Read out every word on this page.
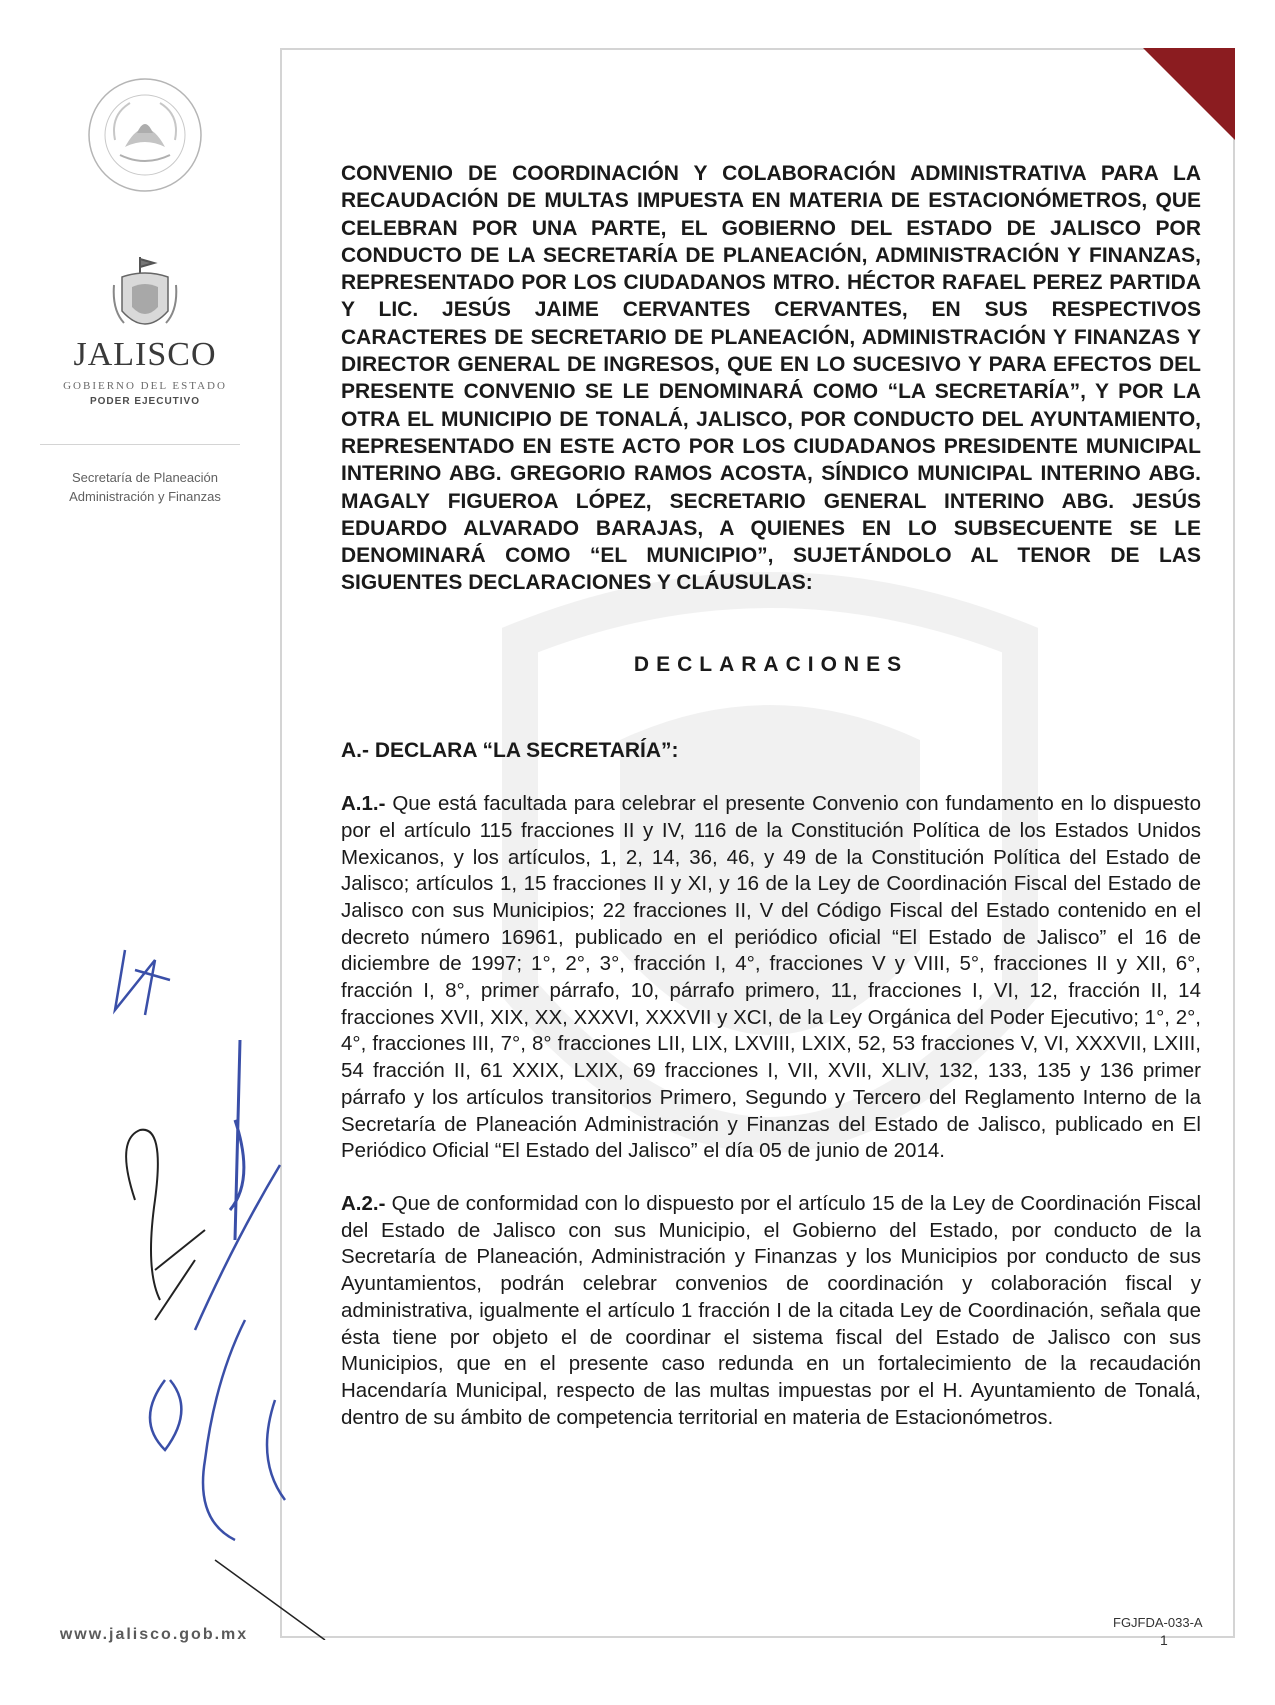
JALISCO
GOBIERNO DEL ESTADO
PODER EJECUTIVO
Secretaría de Planeación
Administración y Finanzas
www.jalisco.gob.mx

CONVENIO DE COORDINACIÓN Y COLABORACIÓN ADMINISTRATIVA PARA LA RECAUDACIÓN DE MULTAS IMPUESTA EN MATERIA DE ESTACIONÓMETROS, QUE CELEBRAN POR UNA PARTE, EL GOBIERNO DEL ESTADO DE JALISCO POR CONDUCTO DE LA SECRETARÍA DE PLANEACIÓN, ADMINISTRACIÓN Y FINANZAS, REPRESENTADO POR LOS CIUDADANOS MTRO. HÉCTOR RAFAEL PEREZ PARTIDA Y LIC. JESÚS JAIME CERVANTES CERVANTES, EN SUS RESPECTIVOS CARACTERES DE SECRETARIO DE PLANEACIÓN, ADMINISTRACIÓN Y FINANZAS Y DIRECTOR GENERAL DE INGRESOS, QUE EN LO SUCESIVO Y PARA EFECTOS DEL PRESENTE CONVENIO SE LE DENOMINARÁ COMO “LA SECRETARÍA”, Y POR LA OTRA EL MUNICIPIO DE TONALÁ, JALISCO, POR CONDUCTO DEL AYUNTAMIENTO, REPRESENTADO EN ESTE ACTO POR LOS CIUDADANOS PRESIDENTE MUNICIPAL INTERINO ABG. GREGORIO RAMOS ACOSTA, SÍNDICO MUNICIPAL INTERINO ABG. MAGALY FIGUEROA LÓPEZ, SECRETARIO GENERAL INTERINO ABG. JESÚS EDUARDO ALVARADO BARAJAS, A QUIENES EN LO SUBSECUENTE SE LE DENOMINARÁ COMO “EL MUNICIPIO”, SUJETÁNDOLO AL TENOR DE LAS SIGUENTES DECLARACIONES Y CLÁUSULAS:

DECLARACIONES
A.- DECLARA “LA SECRETARÍA”:

A.1.- Que está facultada para celebrar el presente Convenio con fundamento en lo dispuesto por el artículo 115 fracciones II y IV, 116 de la Constitución Política de los Estados Unidos Mexicanos, y los artículos, 1, 2, 14, 36, 46, y 49 de la Constitución Política del Estado de Jalisco; artículos 1, 15 fracciones II y XI, y 16 de la Ley de Coordinación Fiscal del Estado de Jalisco con sus Municipios; 22 fracciones II, V del Código Fiscal del Estado contenido en el decreto número 16961, publicado en el periódico oficial “El Estado de Jalisco” el 16 de diciembre de 1997; 1°, 2°, 3°, fracción I, 4°, fracciones V y VIII, 5°, fracciones II y XII, 6°, fracción I, 8°, primer párrafo, 10, párrafo primero, 11, fracciones I, VI, 12, fracción II, 14 fracciones XVII, XIX, XX, XXXVI, XXXVII y XCI, de la Ley Orgánica del Poder Ejecutivo; 1°, 2°, 4°, fracciones III, 7°, 8° fracciones LII, LIX, LXVIII, LXIX, 52, 53 fracciones V, VI, XXXVII, LXIII, 54 fracción II, 61 XXIX, LXIX, 69 fracciones I, VII, XVII, XLIV, 132, 133, 135 y 136 primer párrafo y los artículos transitorios Primero, Segundo y Tercero del Reglamento Interno de la Secretaría de Planeación Administración y Finanzas del Estado de Jalisco, publicado en El Periódico Oficial “El Estado del Jalisco” el día 05 de junio de 2014.

A.2.- Que de conformidad con lo dispuesto por el artículo 15 de la Ley de Coordinación Fiscal del Estado de Jalisco con sus Municipio, el Gobierno del Estado, por conducto de la Secretaría de Planeación, Administración y Finanzas y los Municipios por conducto de sus Ayuntamientos, podrán celebrar convenios de coordinación y colaboración fiscal y administrativa, igualmente el artículo 1 fracción I de la citada Ley de Coordinación, señala que ésta tiene por objeto el de coordinar el sistema fiscal del Estado de Jalisco con sus Municipios, que en el presente caso redunda en un fortalecimiento de la recaudación Hacendaría Municipal, respecto de las multas impuestas por el H. Ayuntamiento de Tonalá, dentro de su ámbito de competencia territorial en materia de Estacionómetros.

FGJFDA-033-A
1
